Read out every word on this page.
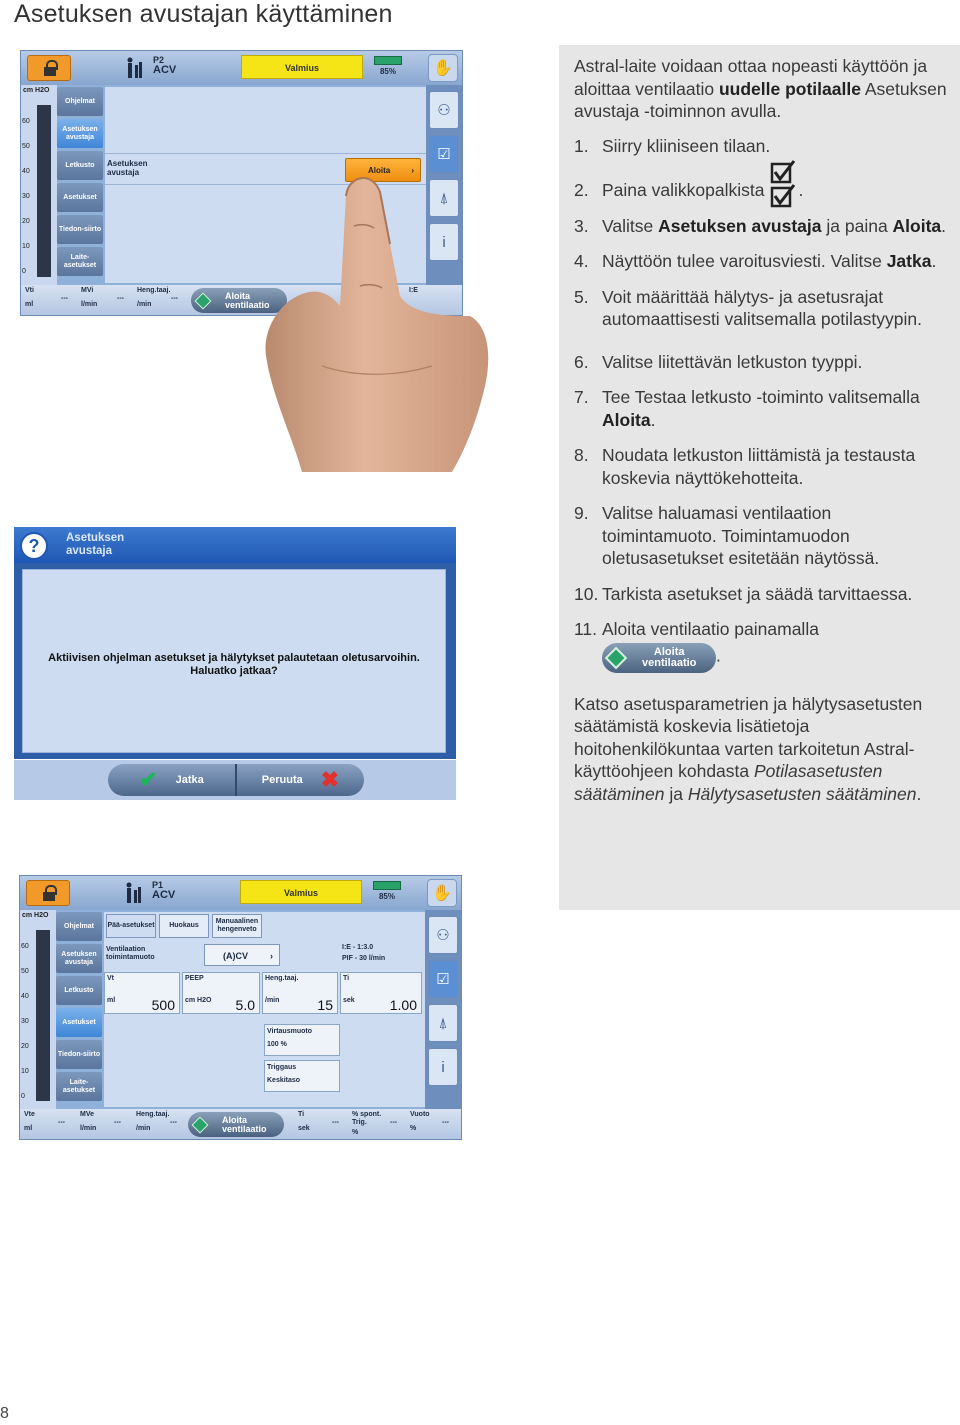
Asetuksen avustajan käyttäminen
P2
ACV	Valmius	85%	✋
cm H2O
60
50
40
30
20
10
0
Ohjelmat
Asetuksen avustaja
Letkusto
Asetukset
Tiedon-siirto
Laite-asetukset
Asetuksen avustaja	Aloita	›
⚇
☑
⍋
i
Vti
ml
---
MVi
l/min
---
Heng.taaj.
/min
---	Aloita
ventilaatio
I:E
?	Asetuksen avustaja
Aktiivisen ohjelman asetukset ja hälytykset palautetaan oletusarvoihin.
Haluatko jatkaa?
✔ Jatka	Peruuta ✖
P1
ACV	Valmius	85%	✋
cm H2O
60
50
40
30
20
10
0
Ohjelmat
Asetuksen avustaja
Letkusto
Asetukset
Tiedon-siirto
Laite-asetukset
Pää-asetukset	Huokaus
Manuaalinen hengenveto
Ventilaation toimintamuoto	(A)CV ›
I:E - 1:3.0
PIF - 30 l/min
Vt
ml	500
PEEP
cm H2O	5.0
Heng.taaj.
/min	15
Ti
sek	1.00
Virtausmuoto
100 %
Triggaus
Keskitaso
⚇
☑
⍋
i
Vte
ml
---
MVe
l/min
---
Heng.taaj.
/min
---	Aloita
ventilaatio
Ti
sek
---
% spont. Trig.
%
---
Vuoto
%
---

Astral-laite voidaan ottaa nopeasti käyttöön ja aloittaa ventilaatio uudelle potilaalle Asetuksen avustaja -toiminnon avulla.

1. Siirry kliiniseen tilaan.

2. Paina valikkopalkista .

3. Valitse Asetuksen avustaja ja paina Aloita.

4. Näyttöön tulee varoitusviesti. Valitse Jatka.

5. Voit määrittää hälytys- ja asetusrajat automaattisesti valitsemalla potilastyypin.

6. Valitse liitettävän letkuston tyyppi.

7. Tee Testaa letkusto -toiminto valitsemalla Aloita.

8. Noudata letkuston liittämistä ja testausta koskevia näyttökehotteita.

9. Valitse haluamasi ventilaation toimintamuoto. Toimintamuodon oletusasetukset esitetään näytössä.

10. Tarkista asetukset ja säädä tarvittaessa.

11. Aloita ventilaatio painamalla

Aloita
ventilaatio .

Katso asetusparametrien ja hälytysasetusten säätämistä koskevia lisätietoja hoitohenkilökuntaa varten tarkoitetun Astral-käyttöohjeen kohdasta Potilasasetusten säätäminen ja Hälytysasetusten säätäminen.

8
